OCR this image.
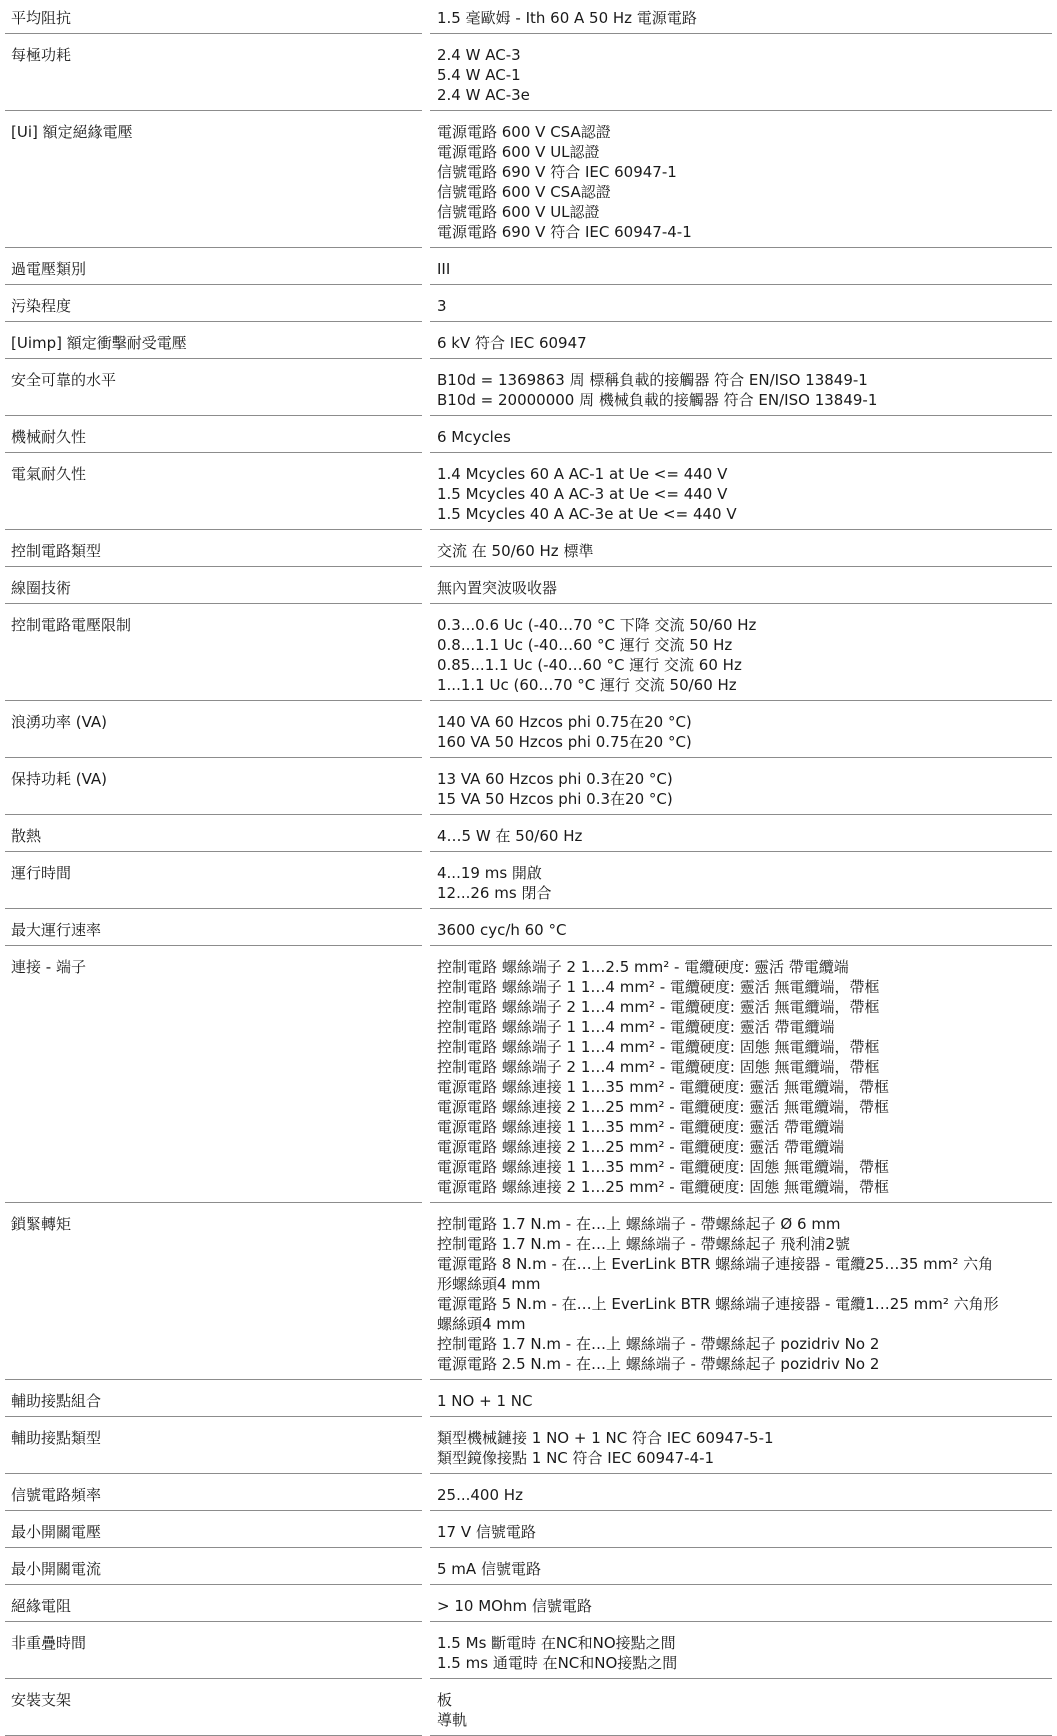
平均阻抗	1.5 毫歐姆 - Ith 60 A 50 Hz 電源電路
每極功耗	2.4 W AC-3
5.4 W AC-1
2.4 W AC-3e
[Ui] 額定絕緣電壓	電源電路 600 V CSA認證
電源電路 600 V UL認證
信號電路 690 V 符合 IEC 60947-1
信號電路 600 V CSA認證
信號電路 600 V UL認證
電源電路 690 V 符合 IEC 60947-4-1
過電壓類別	III
污染程度	3
[Uimp] 額定衝擊耐受電壓	6 kV 符合 IEC 60947
安全可靠的水平	B10d = 1369863 周 標稱負載的接觸器 符合 EN/ISO 13849-1
B10d = 20000000 周 機械負載的接觸器 符合 EN/ISO 13849-1
機械耐久性	6 Mcycles
電氣耐久性	1.4 Mcycles 60 A AC-1 at Ue <= 440 V
1.5 Mcycles 40 A AC-3 at Ue <= 440 V
1.5 Mcycles 40 A AC-3e at Ue <= 440 V
控制電路類型	交流 在 50/60 Hz 標準
線圈技術	無內置突波吸收器
控制電路電壓限制	0.3...0.6 Uc (-40…70 °C 下降 交流 50/60 Hz
0.8...1.1 Uc (-40…60 °C 運行 交流 50 Hz
0.85...1.1 Uc (-40…60 °C 運行 交流 60 Hz
1...1.1 Uc (60…70 °C 運行 交流 50/60 Hz
浪湧功率 (VA)	140 VA 60 Hzcos phi 0.75在20 °C)
160 VA 50 Hzcos phi 0.75在20 °C)
保持功耗 (VA)	13 VA 60 Hzcos phi 0.3在20 °C)
15 VA 50 Hzcos phi 0.3在20 °C)
散熱	4…5 W 在 50/60 Hz
運行時間	4...19 ms 開啟
12...26 ms 閉合
最大運行速率	3600 cyc/h 60 °C
連接 - 端子	控制電路 螺絲端子 2 1…2.5 mm² - 電纜硬度: 靈活 帶電纜端
控制電路 螺絲端子 1 1…4 mm² - 電纜硬度: 靈活 無電纜端，帶框
控制電路 螺絲端子 2 1…4 mm² - 電纜硬度: 靈活 無電纜端，帶框
控制電路 螺絲端子 1 1…4 mm² - 電纜硬度: 靈活 帶電纜端
控制電路 螺絲端子 1 1…4 mm² - 電纜硬度: 固態 無電纜端，帶框
控制電路 螺絲端子 2 1…4 mm² - 電纜硬度: 固態 無電纜端，帶框
電源電路 螺絲連接 1 1…35 mm² - 電纜硬度: 靈活 無電纜端，帶框
電源電路 螺絲連接 2 1…25 mm² - 電纜硬度: 靈活 無電纜端，帶框
電源電路 螺絲連接 1 1…35 mm² - 電纜硬度: 靈活 帶電纜端
電源電路 螺絲連接 2 1…25 mm² - 電纜硬度: 靈活 帶電纜端
電源電路 螺絲連接 1 1…35 mm² - 電纜硬度: 固態 無電纜端，帶框
電源電路 螺絲連接 2 1…25 mm² - 電纜硬度: 固態 無電纜端，帶框
鎖緊轉矩	控制電路 1.7 N.m - 在…上 螺絲端子 - 帶螺絲起子 Ø 6 mm
控制電路 1.7 N.m - 在…上 螺絲端子 - 帶螺絲起子 飛利浦2號
電源電路 8 N.m - 在…上 EverLink BTR 螺絲端子連接器 - 電纜25…35 mm² 六角
形螺絲頭4 mm
電源電路 5 N.m - 在…上 EverLink BTR 螺絲端子連接器 - 電纜1…25 mm² 六角形
螺絲頭4 mm
控制電路 1.7 N.m - 在…上 螺絲端子 - 帶螺絲起子 pozidriv No 2
電源電路 2.5 N.m - 在…上 螺絲端子 - 帶螺絲起子 pozidriv No 2
輔助接點組合	1 NO + 1 NC
輔助接點類型	類型機械鏈接 1 NO + 1 NC 符合 IEC 60947-5-1
類型鏡像接點 1 NC 符合 IEC 60947-4-1
信號電路頻率	25...400 Hz
最小開關電壓	17 V 信號電路
最小開關電流	5 mA 信號電路
絕緣電阻	> 10 MOhm 信號電路
非重疊時間	1.5 Ms 斷電時 在NC和NO接點之間
1.5 ms 通電時 在NC和NO接點之間
安裝支架	板
導軌
